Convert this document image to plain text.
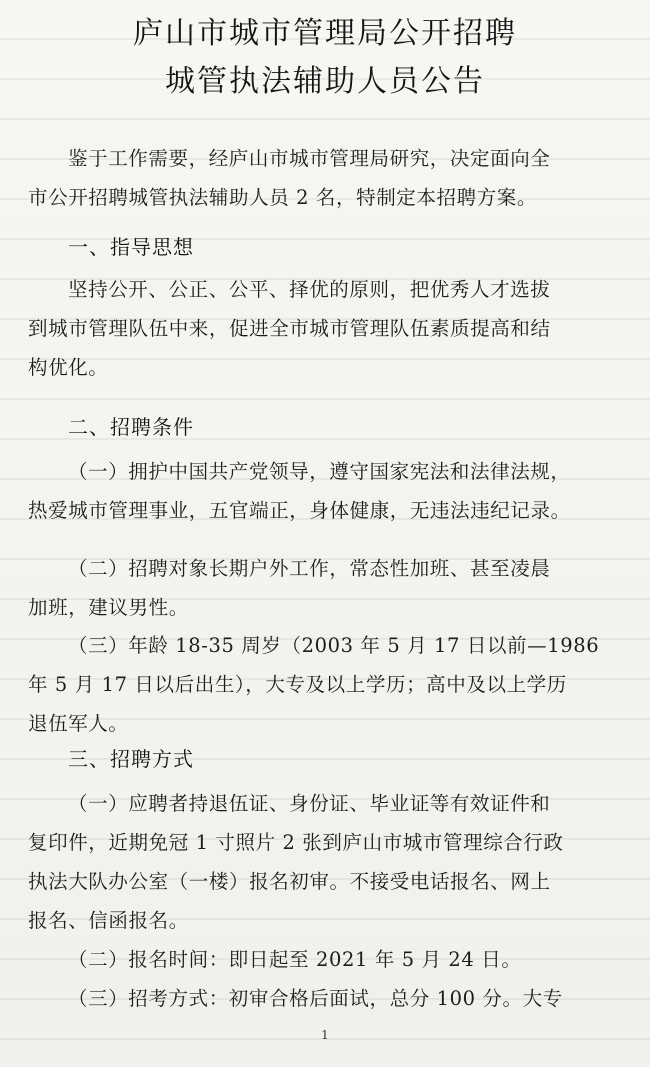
庐山市城市管理局公开招聘
城管执法辅助人员公告
鉴于工作需要，经庐山市城市管理局研究，决定面向全
市公开招聘城管执法辅助人员 2 名，特制定本招聘方案。
一、指导思想
坚持公开、公正、公平、择优的原则，把优秀人才选拔
到城市管理队伍中来，促进全市城市管理队伍素质提高和结
构优化。
二、招聘条件
（一）拥护中国共产党领导，遵守国家宪法和法律法规，
热爱城市管理事业，五官端正，身体健康，无违法违纪记录。
（二）招聘对象长期户外工作，常态性加班、甚至凌晨
加班，建议男性。
（三）年龄 18-35 周岁（2003 年 5 月 17 日以前—1986
年 5 月 17 日以后出生），大专及以上学历；高中及以上学历
退伍军人。
三、招聘方式
（一）应聘者持退伍证、身份证、毕业证等有效证件和
复印件，近期免冠 1 寸照片 2 张到庐山市城市管理综合行政
执法大队办公室（一楼）报名初审。不接受电话报名、网上
报名、信函报名。
（二）报名时间：即日起至 2021 年 5 月 24 日。
（三）招考方式：初审合格后面试，总分 100 分。大专
1
